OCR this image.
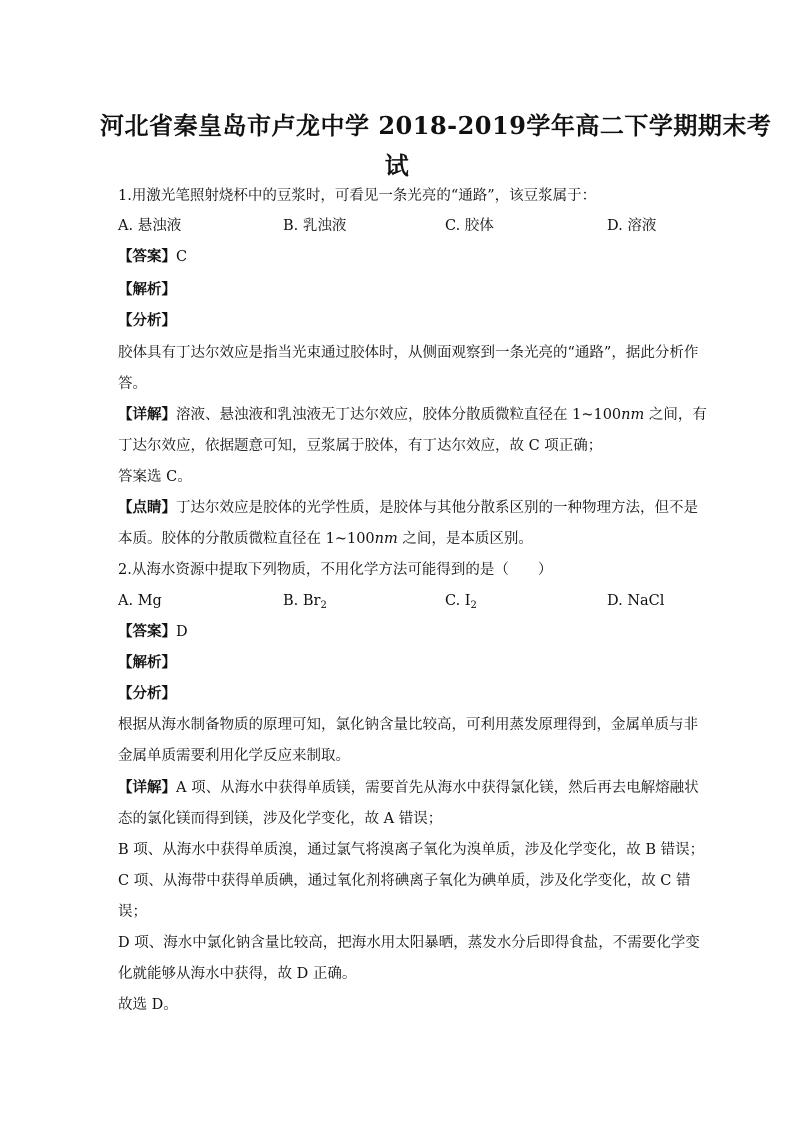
河北省秦皇岛市卢龙中学 2018-2019学年高二下学期期末考
试
1.用激光笔照射烧杯中的豆浆时，可看见一条光亮的“通路”，该豆浆属于：
A. 悬浊液	B. 乳浊液	C. 胶体	D. 溶液
【答案】C
【解析】
【分析】
胶体具有丁达尔效应是指当光束通过胶体时，从侧面观察到一条光亮的“通路”，据此分析作
答。
【详解】溶液、悬浊液和乳浊液无丁达尔效应，胶体分散质微粒直径在 1~100nm 之间，有
丁达尔效应，依据题意可知，豆浆属于胶体，有丁达尔效应，故 C 项正确；
答案选 C。
【点睛】丁达尔效应是胶体的光学性质，是胶体与其他分散系区别的一种物理方法，但不是
本质。胶体的分散质微粒直径在 1~100nm 之间，是本质区别。
2.从海水资源中提取下列物质，不用化学方法可能得到的是（　　）
A. Mg	B. $Br_2$	C. $I_2$	D. NaCl
【答案】D
【解析】
【分析】
根据从海水制备物质的原理可知，氯化钠含量比较高，可利用蒸发原理得到，金属单质与非
金属单质需要利用化学反应来制取。
【详解】A 项、从海水中获得单质镁，需要首先从海水中获得氯化镁，然后再去电解熔融状
态的氯化镁而得到镁，涉及化学变化，故 A 错误；
B 项、从海水中获得单质溴，通过氯气将溴离子氧化为溴单质，涉及化学变化，故 B 错误；
C 项、从海带中获得单质碘，通过氧化剂将碘离子氧化为碘单质，涉及化学变化，故 C 错
误；
D 项、海水中氯化钠含量比较高，把海水用太阳暴晒，蒸发水分后即得食盐，不需要化学变
化就能够从海水中获得，故 D 正确。
故选 D。
